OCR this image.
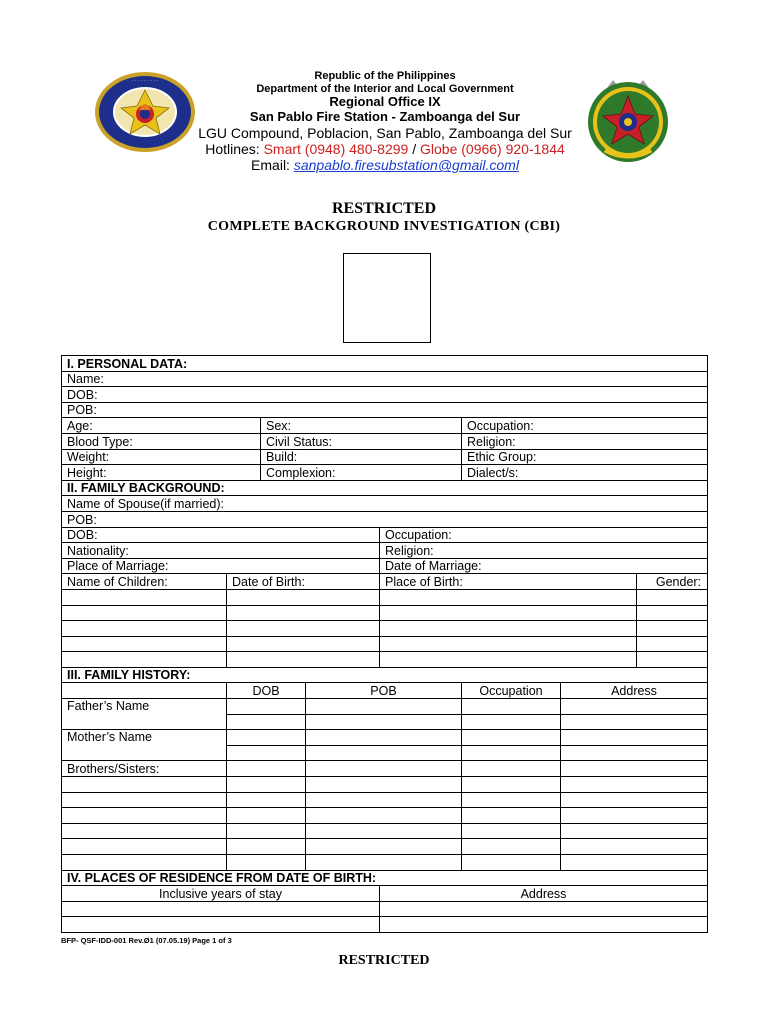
· · · · · · · · ·	Republic of the Philippines
Department of the Interior and Local Government
Regional Office IX
San Pablo Fire Station - Zamboanga del Sur
LGU Compound, Poblacion, San Pablo, Zamboanga del Sur
Hotlines: Smart (0948) 480-8299 / Globe (0966) 920-1844
Email: sanpablo.firesubstation@gmail.coml
RESTRICTED
COMPLETE BACKGROUND INVESTIGATION (CBI)
I. PERSONAL DATA:							
Name:							
DOB:							
POB:							
Age:		Sex:			Occupation:		
Blood Type:		Civil Status:			Religion:		
Weight:		Build:			Ethic Group:		
Height:		Complexion:			Dialect/s:		
II. FAMILY BACKGROUND:							
Name of Spouse(if married):							
POB:							
DOB:				Occupation:			
Nationality:				Religion:			
Place of Marriage:				Date of Marriage:			
Name of Children:	Date of Birth:			Place of Birth:			Gender:

III. FAMILY HISTORY:							
	DOB		POB		Occupation	Address	
Father’s Name							

Mother’s Name							

Brothers/Sisters:							

IV. PLACES OF RESIDENCE FROM DATE OF BIRTH:							
Inclusive years of stay				Address			

BFP- QSF-IDD-001 Rev.Ø1 (07.05.19) Page 1 of 3
RESTRICTED
